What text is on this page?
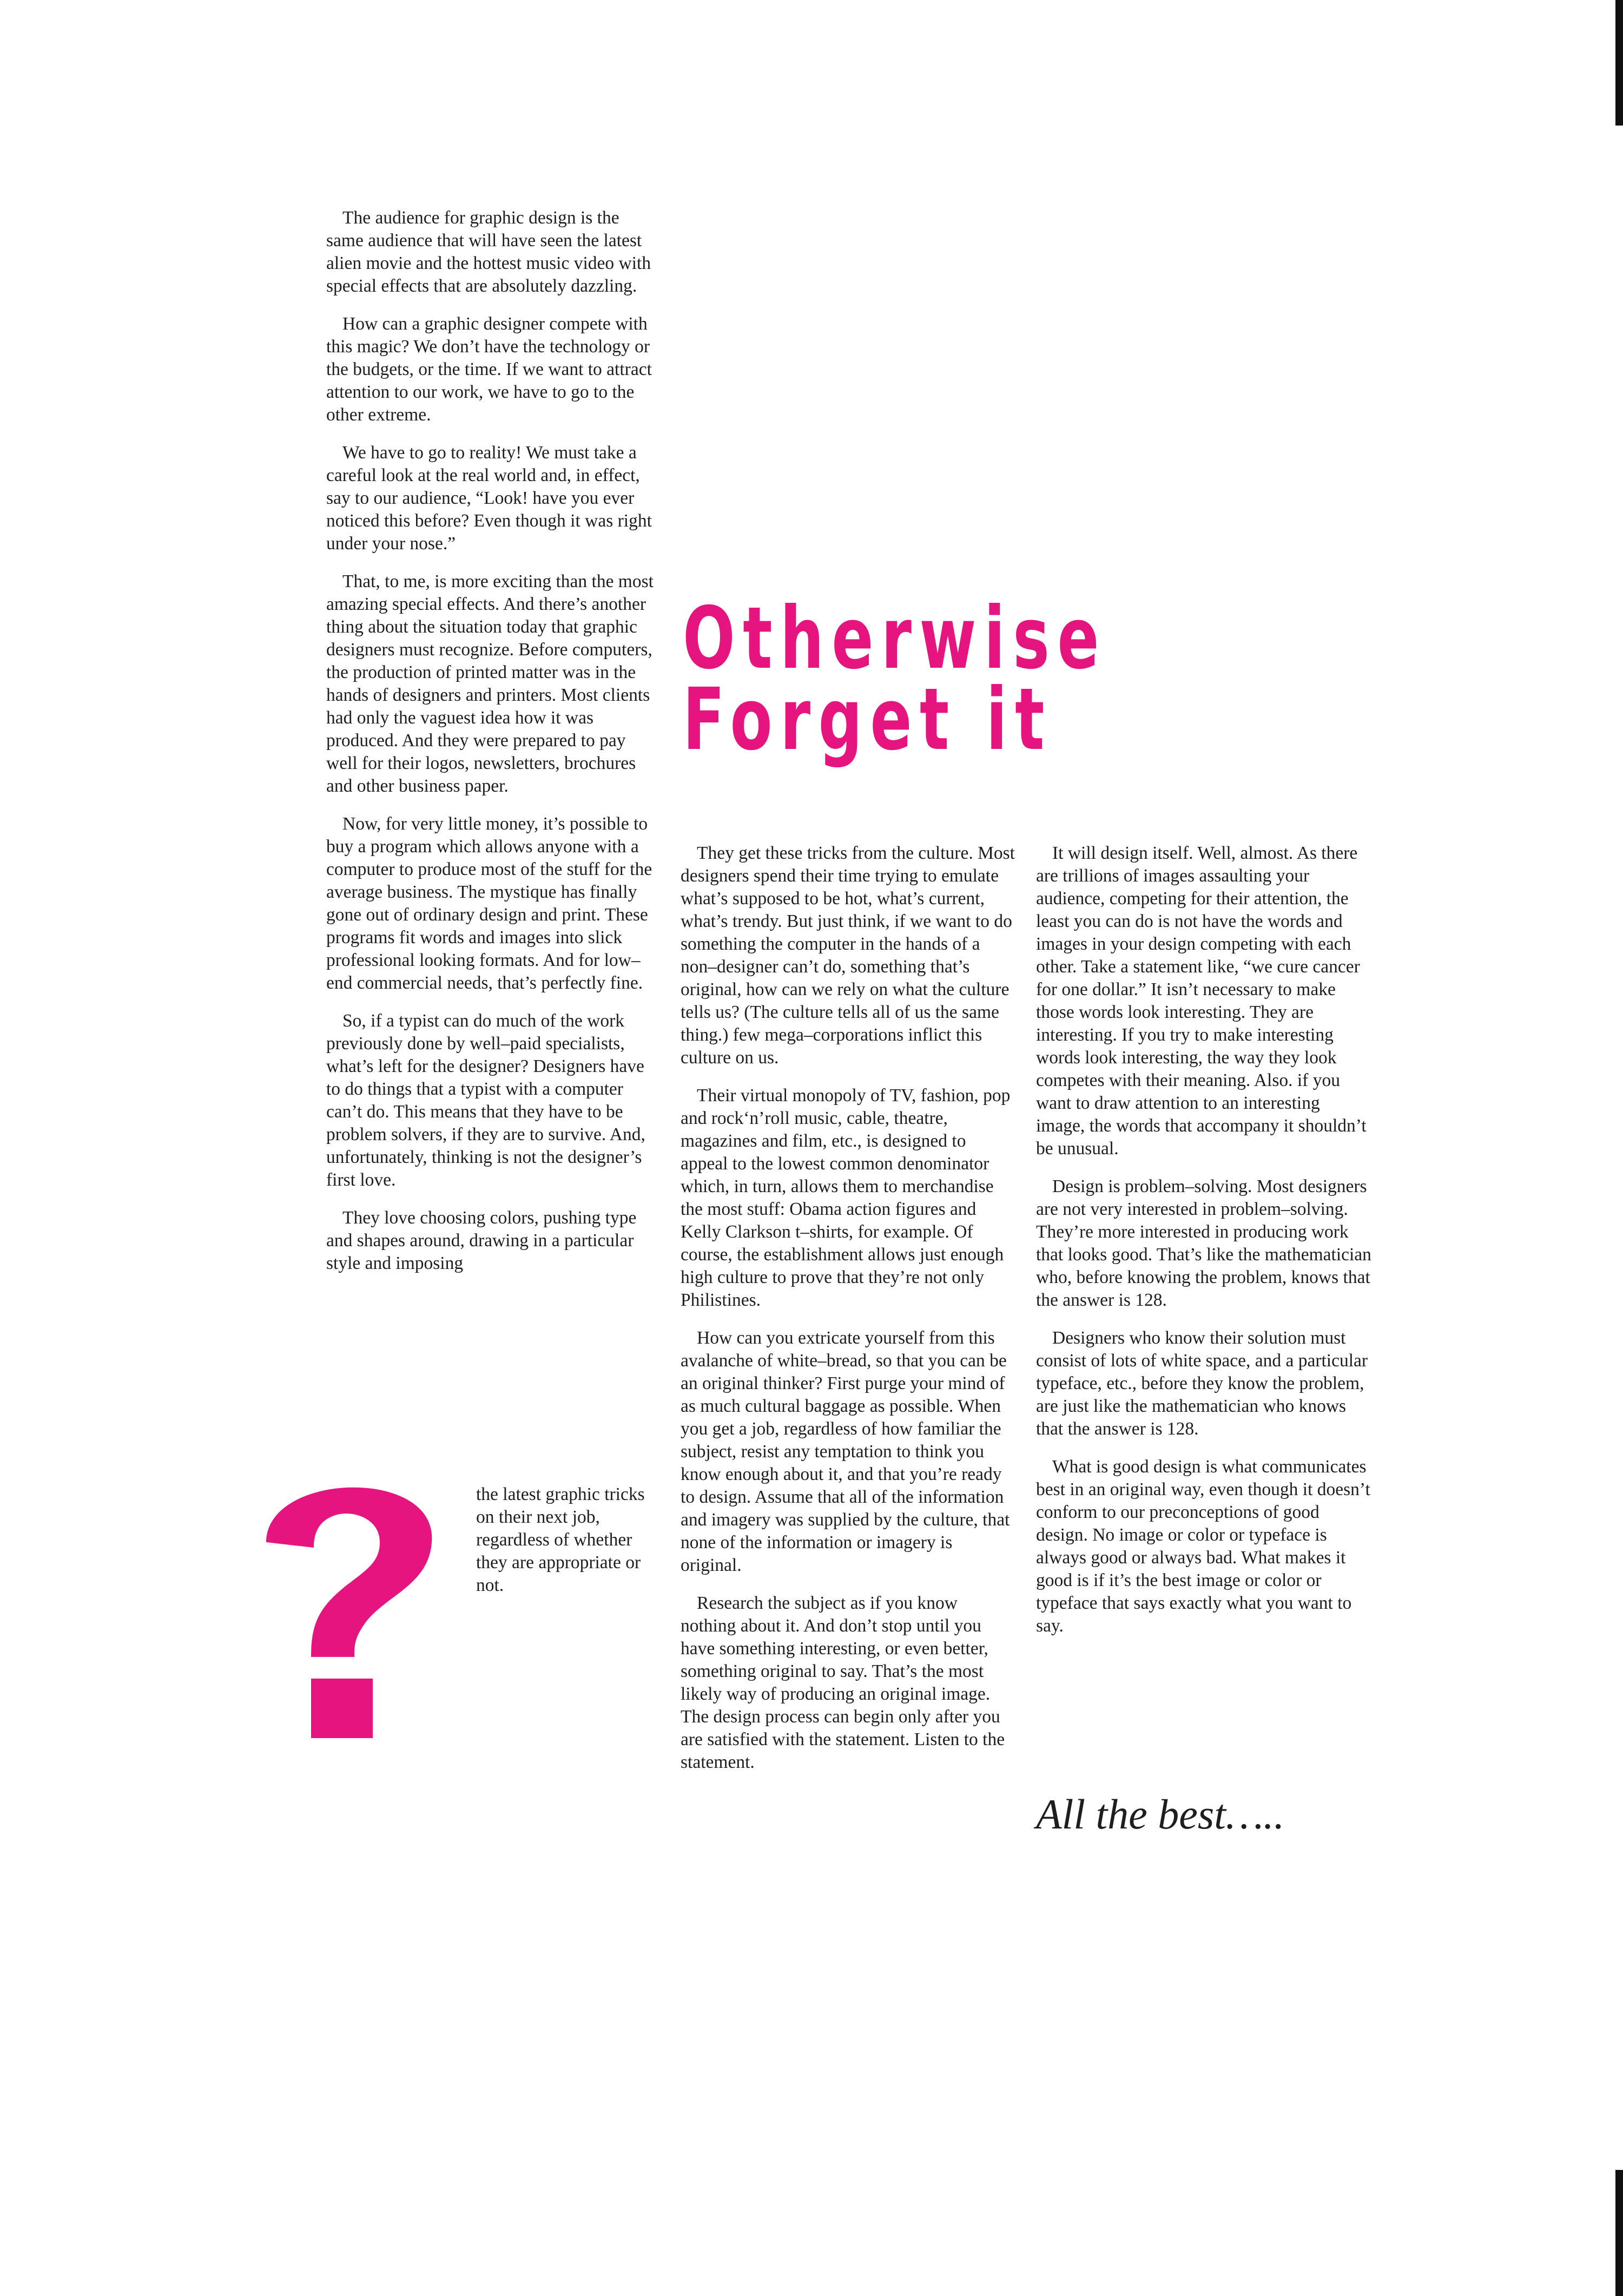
The audience for graphic design is the same audience that will have seen the latest alien movie and the hottest music video with special effects that are absolutely dazzling.

How can a graphic designer compete with this magic? We don’t have the technology or the budgets, or the time. If we want to attract attention to our work, we have to go to the other extreme.

We have to go to reality! We must take a careful look at the real world and, in effect, say to our audience, “Look! have you ever noticed this before? Even though it was right under your nose.”

That, to me, is more exciting than the most amazing special effects. And there’s another thing about the situation today that graphic designers must recognize. Before computers, the production of printed matter was in the hands of designers and printers. Most clients had only the vaguest idea how it was produced. And they were prepared to pay well for their logos, newsletters, brochures and other business paper.

Now, for very little money, it’s possible to buy a program which allows anyone with a computer to produce most of the stuff for the average business. The mystique has finally gone out of ordinary design and print. These programs fit words and images into slick professional looking formats. And for low–end commercial needs, that’s perfectly fine.

So, if a typist can do much of the work previously done by well–paid specialists, what’s left for the designer? Designers have to do things that a typist with a computer can’t do. This means that they have to be problem solvers, if they are to survive. And, unfortunately, thinking is not the designer’s first love.

They love choosing colors, pushing type and shapes around, drawing in a particular style and imposing

the latest graphic tricks on their next job, regardless of whether they are appropriate or not.
Otherwise
Forget it

They get these tricks from the culture. Most designers spend their time trying to emulate what’s supposed to be hot, what’s current, what’s trendy. But just think, if we want to do something the computer in the hands of a non–designer can’t do, something that’s original, how can we rely on what the culture tells us? (The culture tells all of us the same thing.) few mega–corporations inflict this culture on us.

Their virtual monopoly of TV, fashion, pop and rock‘n’roll music, cable, theatre, magazines and film, etc., is designed to appeal to the lowest common denominator which, in turn, allows them to merchandise the most stuff: Obama action figures and Kelly Clarkson t–shirts, for example. Of course, the establishment allows just enough high culture to prove that they’re not only Philistines.

How can you extricate yourself from this avalanche of white–bread, so that you can be an original thinker? First purge your mind of as much cultural baggage as possible. When you get a job, regardless of how familiar the subject, resist any temptation to think you know enough about it, and that you’re ready to design. Assume that all of the information and imagery was supplied by the culture, that none of the information or imagery is original.

Research the subject as if you know nothing about it. And don’t stop until you have something interesting, or even better, something original to say. That’s the most likely way of producing an original image. The design process can begin only after you are satisfied with the statement. Listen to the statement.

It will design itself. Well, almost. As there are trillions of images assaulting your audience, competing for their attention, the least you can do is not have the words and images in your design competing with each other. Take a statement like, “we cure cancer for one dollar.” It isn’t necessary to make those words look interesting. They are interesting. If you try to make interesting words look interesting, the way they look competes with their meaning. Also. if you want to draw attention to an interesting image, the words that accompany it shouldn’t be unusual.

Design is problem–solving. Most designers are not very interested in problem–solving. They’re more interested in producing work that looks good. That’s like the mathematician who, before knowing the problem, knows that the answer is 128.

Designers who know their solution must consist of lots of white space, and a particular typeface, etc., before they know the problem, are just like the mathematician who knows that the answer is 128.

What is good design is what communicates best in an original way, even though it doesn’t conform to our preconceptions of good design. No image or color or typeface is always good or always bad. What makes it good is if it’s the best image or color or typeface that says exactly what you want to say.

All the best…..
